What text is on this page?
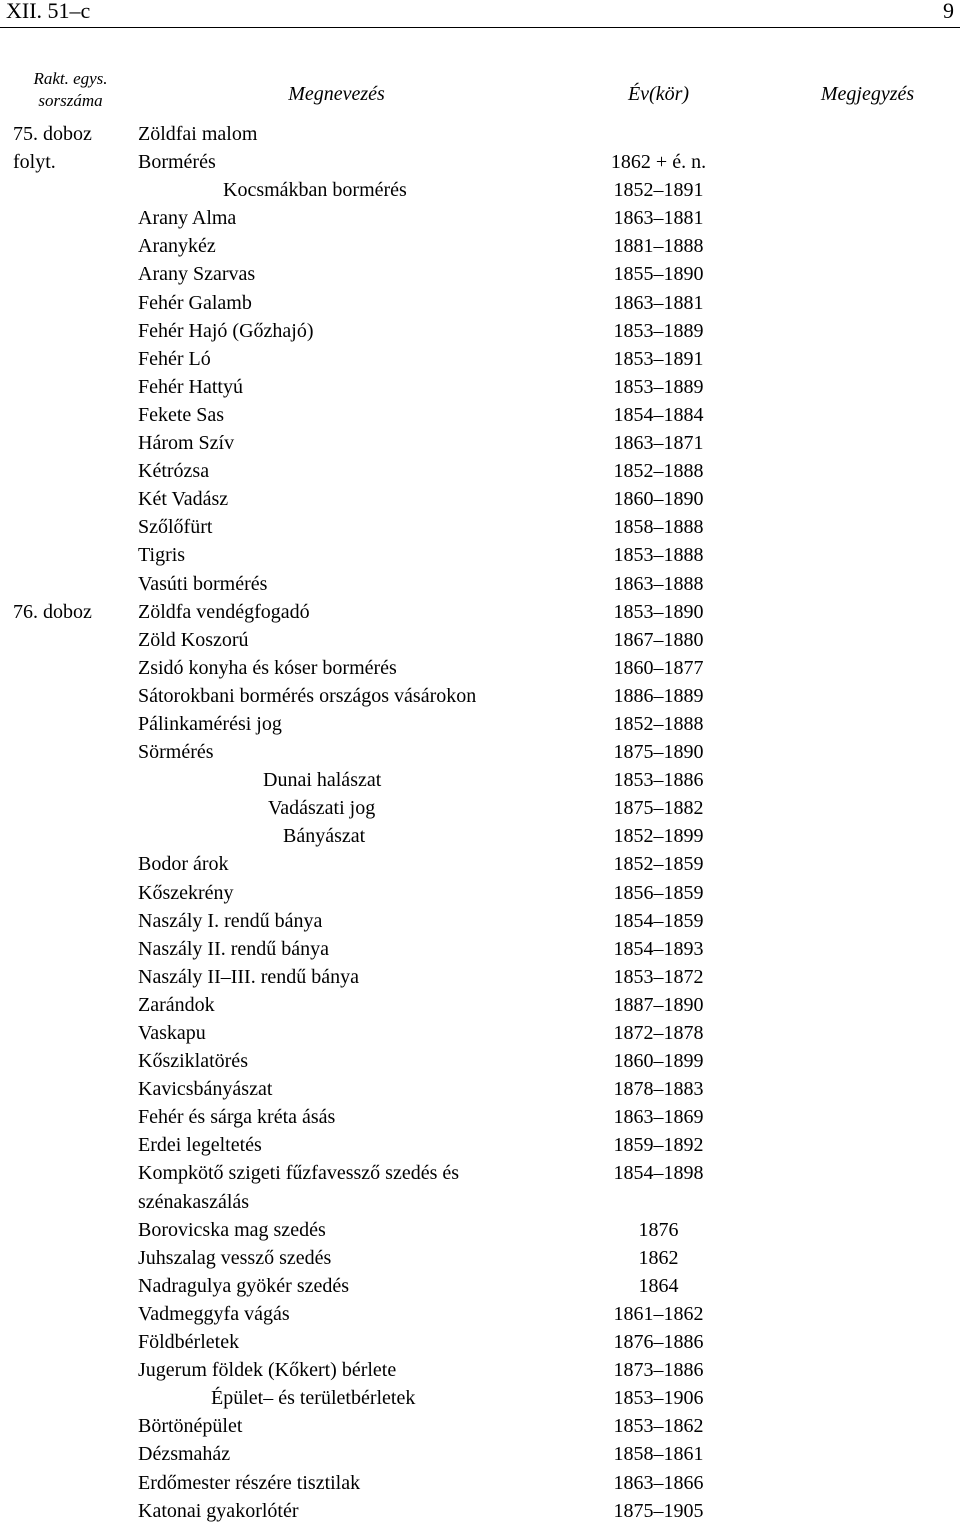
XII. 51–c	9
Rakt. egys.
sorszáma	Megnevezés	Év(kör)	Megjegyzés
75. doboz	Zöldfai malom		
folyt.	Bormérés	1862 + é. n.	
	Kocsmákban bormérés	1852–1891	
	Arany Alma	1863–1881	
	Aranykéz	1881–1888	
	Arany Szarvas	1855–1890	
	Fehér Galamb	1863–1881	
	Fehér Hajó (Gőzhajó)	1853–1889	
	Fehér Ló	1853–1891	
	Fehér Hattyú	1853–1889	
	Fekete Sas	1854–1884	
	Három Szív	1863–1871	
	Kétrózsa	1852–1888	
	Két Vadász	1860–1890	
	Szőlőfürt	1858–1888	
	Tigris	1853–1888	
	Vasúti bormérés	1863–1888	
76. doboz	Zöldfa vendégfogadó	1853–1890	
	Zöld Koszorú	1867–1880	
	Zsidó konyha és kóser bormérés	1860–1877	
	Sátorokbani bormérés országos vásárokon	1886–1889	
	Pálinkamérési jog	1852–1888	
	Sörmérés	1875–1890	
	Dunai halászat	1853–1886	
	Vadászati jog	1875–1882	
	Bányászat	1852–1899	
	Bodor árok	1852–1859	
	Kőszekrény	1856–1859	
	Naszály I. rendű bánya	1854–1859	
	Naszály II. rendű bánya	1854–1893	
	Naszály II–III. rendű bánya	1853–1872	
	Zarándok	1887–1890	
	Vaskapu	1872–1878	
	Kősziklatörés	1860–1899	
	Kavicsbányászat	1878–1883	
	Fehér és sárga kréta ásás	1863–1869	
	Erdei legeltetés	1859–1892	
	Kompkötő szigeti fűzfavessző szedés és szénakaszálás	1854–1898	
	Borovicska mag szedés	1876	
	Juhszalag vessző szedés	1862	
	Nadragulya gyökér szedés	1864	
	Vadmeggyfa vágás	1861–1862	
	Földbérletek	1876–1886	
	Jugerum földek (Kőkert) bérlete	1873–1886	
	Épület– és területbérletek	1853–1906	
	Börtönépület	1853–1862	
	Dézsmaház	1858–1861	
	Erdőmester részére tisztilak	1863–1866	
	Katonai gyakorlótér	1875–1905	
